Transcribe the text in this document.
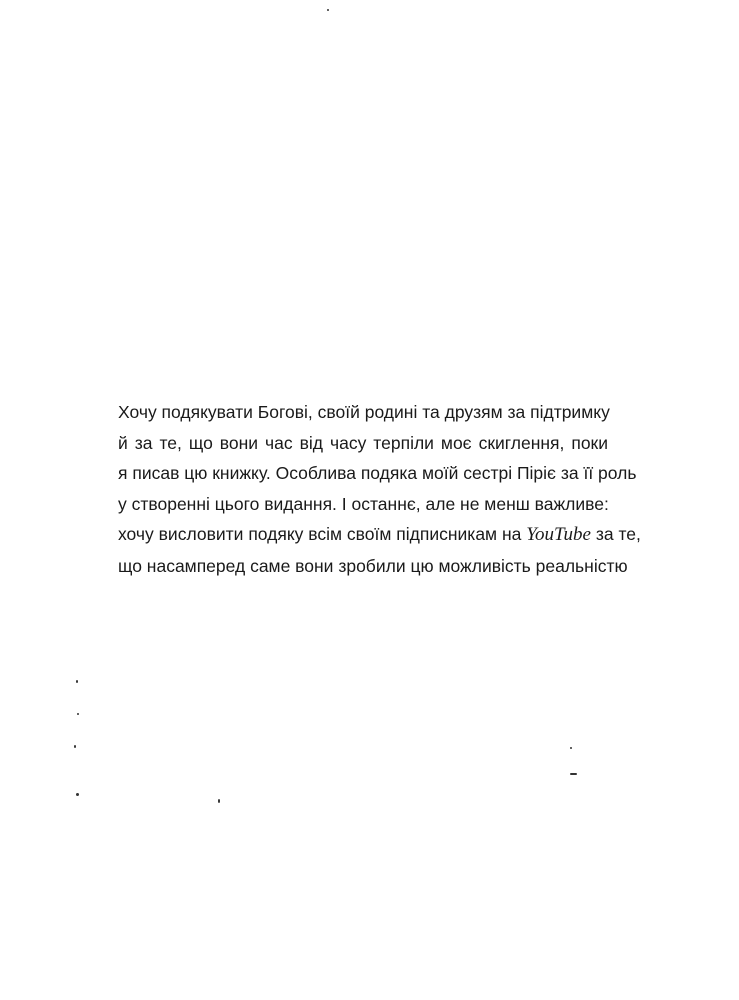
Хочу подякувати Богові, своїй родині та друзям за підтримку
й за те, що вони час від часу терпіли моє скиглення, поки
я писав цю книжку. Особлива подяка моїй сестрі Пірiє за її роль
у створенні цього видання. І останнє, але не менш важливе:
хочу висловити подяку всім своїм підписникам на YouTube за те,
що насамперед саме вони зробили цю можливість реальністю
